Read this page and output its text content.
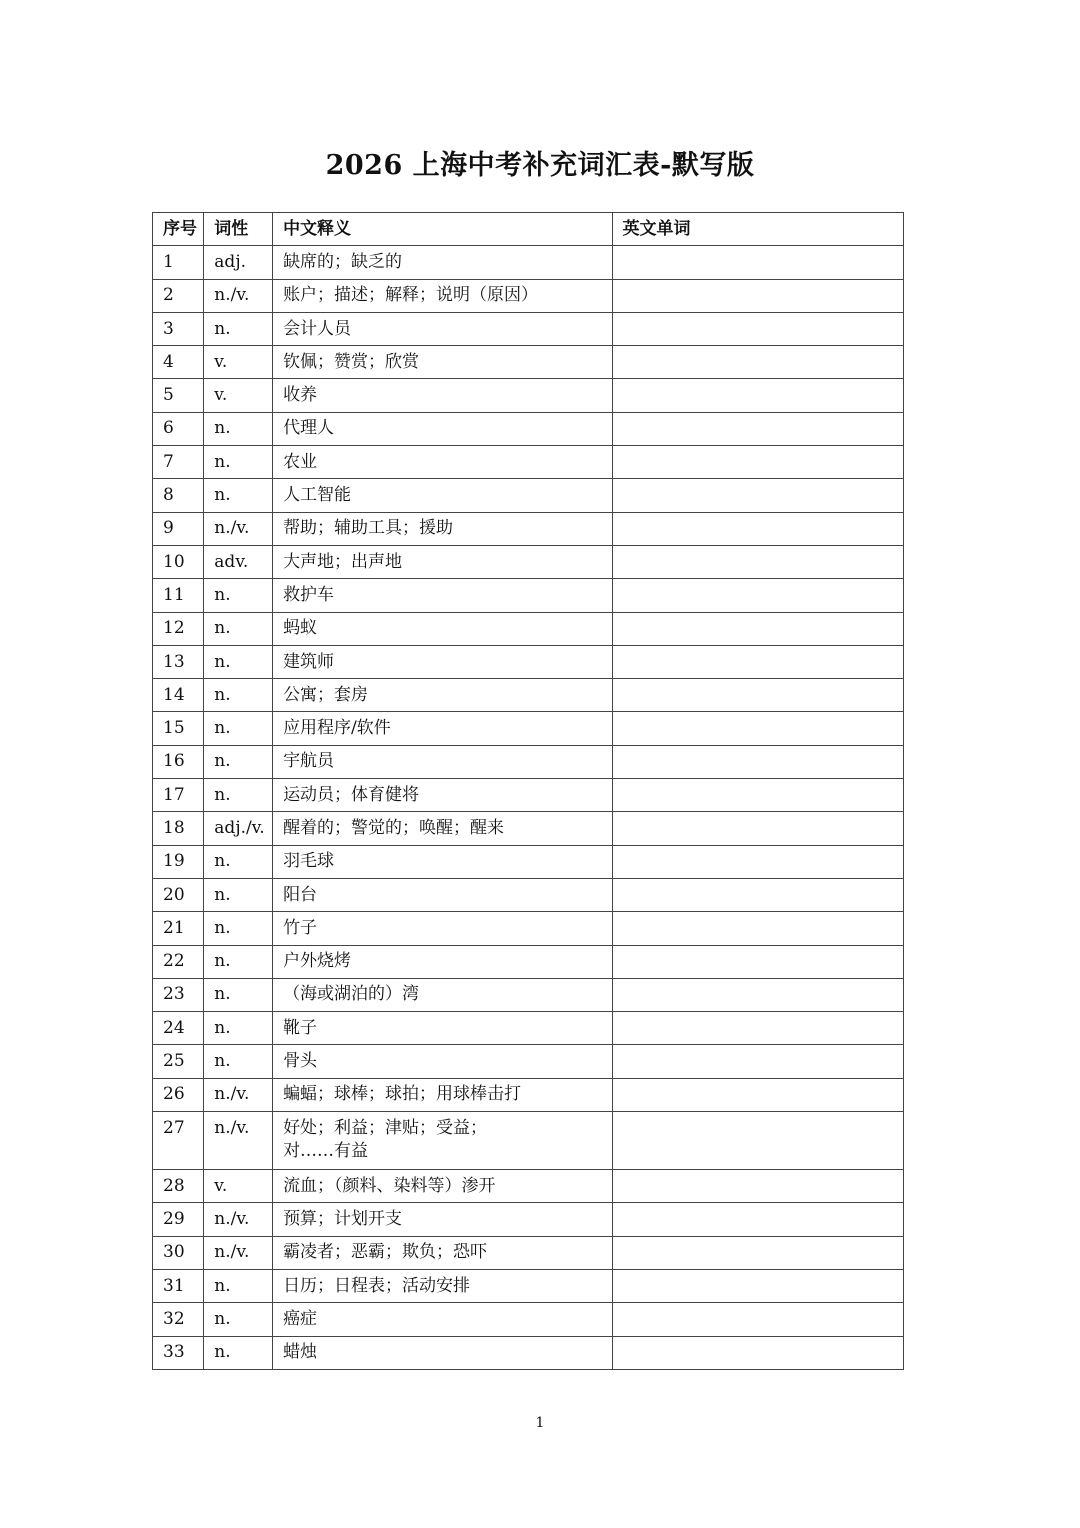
2026 上海中考补充词汇表-默写版
序号	词性	中文释义	英文单词
1	adj.	缺席的；缺乏的	

2	n./v.	账户；描述；解释；说明（原因）	

3	n.	会计人员	

4	v.	钦佩；赞赏；欣赏	

5	v.	收养	

6	n.	代理人	

7	n.	农业	

8	n.	人工智能	

9	n./v.	帮助；辅助工具；援助	

10	adv.	大声地；出声地	

11	n.	救护车	

12	n.	蚂蚁	

13	n.	建筑师	

14	n.	公寓；套房	

15	n.	应用程序/软件	

16	n.	宇航员	

17	n.	运动员；体育健将	

18	adj./v.	醒着的；警觉的；唤醒；醒来	

19	n.	羽毛球	

20	n.	阳台	

21	n.	竹子	

22	n.	户外烧烤	

23	n.	（海或湖泊的）湾	

24	n.	靴子	

25	n.	骨头	

26	n./v.	蝙蝠；球棒；球拍；用球棒击打	

27	n./v.	好处；利益；津贴；受益；
对……有益	

28	v.	流血；（颜料、染料等）渗开	

29	n./v.	预算；计划开支	

30	n./v.	霸凌者；恶霸；欺负；恐吓	

31	n.	日历；日程表；活动安排	

32	n.	癌症	

33	n.	蜡烛	

1
